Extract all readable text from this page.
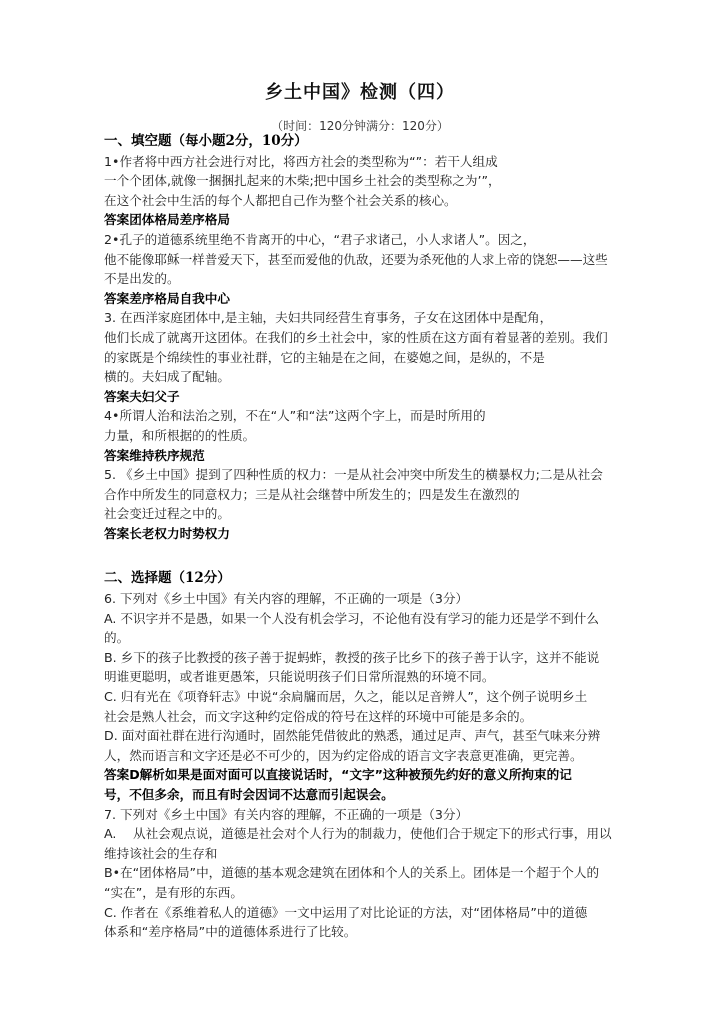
乡土中国》检测（四）
（时间：120分钟满分：120分）
一、填空题（每小题2分，10分）
1•作者将中西方社会进行对比，将西方社会的类型称为“”：若干人组成
一个个团体,就像一捆捆扎起来的木柴;把中国乡土社会的类型称之为’”，
在这个社会中生活的每个人都把自己作为整个社会关系的核心。
答案团体格局差序格局
2•孔子的道德系统里绝不肯离开的中心，“君子求诸己，小人求诸人”。因之，
他不能像耶稣一样普爱天下，甚至而爱他的仇敌，还要为杀死他的人求上帝的饶恕——这些
不是出发的。
答案差序格局自我中心
3. 在西洋家庭团体中,是主轴，夫妇共同经营生育事务，子女在这团体中是配角，
他们长成了就离开这团体。在我们的乡土社会中，家的性质在这方面有着显著的差别。我们
的家既是个绵续性的事业社群，它的主轴是在之间，在婆媳之间，是纵的，不是
横的。夫妇成了配轴。
答案夫妇父子
4•所谓人治和法治之别，不在“人”和“法”这两个字上，而是时所用的
力量，和所根据的的性质。
答案维持秩序规范
5. 《乡土中国》提到了四种性质的权力：一是从社会冲突中所发生的横暴权力;二是从社会
合作中所发生的同意权力；三是从社会继替中所发生的；四是发生在激烈的
社会变迁过程之中的。
答案长老权力时势权力
二、选择题（12分）
6. 下列对《乡土中国》有关内容的理解，不正确的一项是（3分）
A. 不识字并不是愚，如果一个人没有机会学习，不论他有没有学习的能力还是学不到什么
的。
B. 乡下的孩子比教授的孩子善于捉蚂蚱，教授的孩子比乡下的孩子善于认字，这并不能说
明谁更聪明，或者谁更愚笨，只能说明孩子们日常所混熟的环境不同。
C. 归有光在《项脊轩志》中说“余扃牖而居，久之，能以足音辨人”，这个例子说明乡土
社会是熟人社会，而文字这种约定俗成的符号在这样的环境中可能是多余的。
D. 面对面社群在进行沟通时，固然能凭借彼此的熟悉，通过足声、声气，甚至气味来分辨
人，然而语言和文字还是必不可少的，因为约定俗成的语言文字表意更准确，更完善。
答案D解析如果是面对面可以直接说话时，“文字”这种被预先约好的意义所拘束的记
号，不但多余，而且有时会因词不达意而引起误会。
7. 下列对《乡土中国》有关内容的理解，不正确的一项是（3分）
A.　 从社会观点说，道德是社会对个人行为的制裁力，使他们合于规定下的形式行事，用以
维持该社会的生存和
B•在“团体格局”中，道德的基本观念建筑在团体和个人的关系上。团体是一个超于个人的
“实在”，是有形的东西。
C. 作者在《系维着私人的道德》一文中运用了对比论证的方法，对“团体格局”中的道德
体系和“差序格局”中的道德体系进行了比较。
